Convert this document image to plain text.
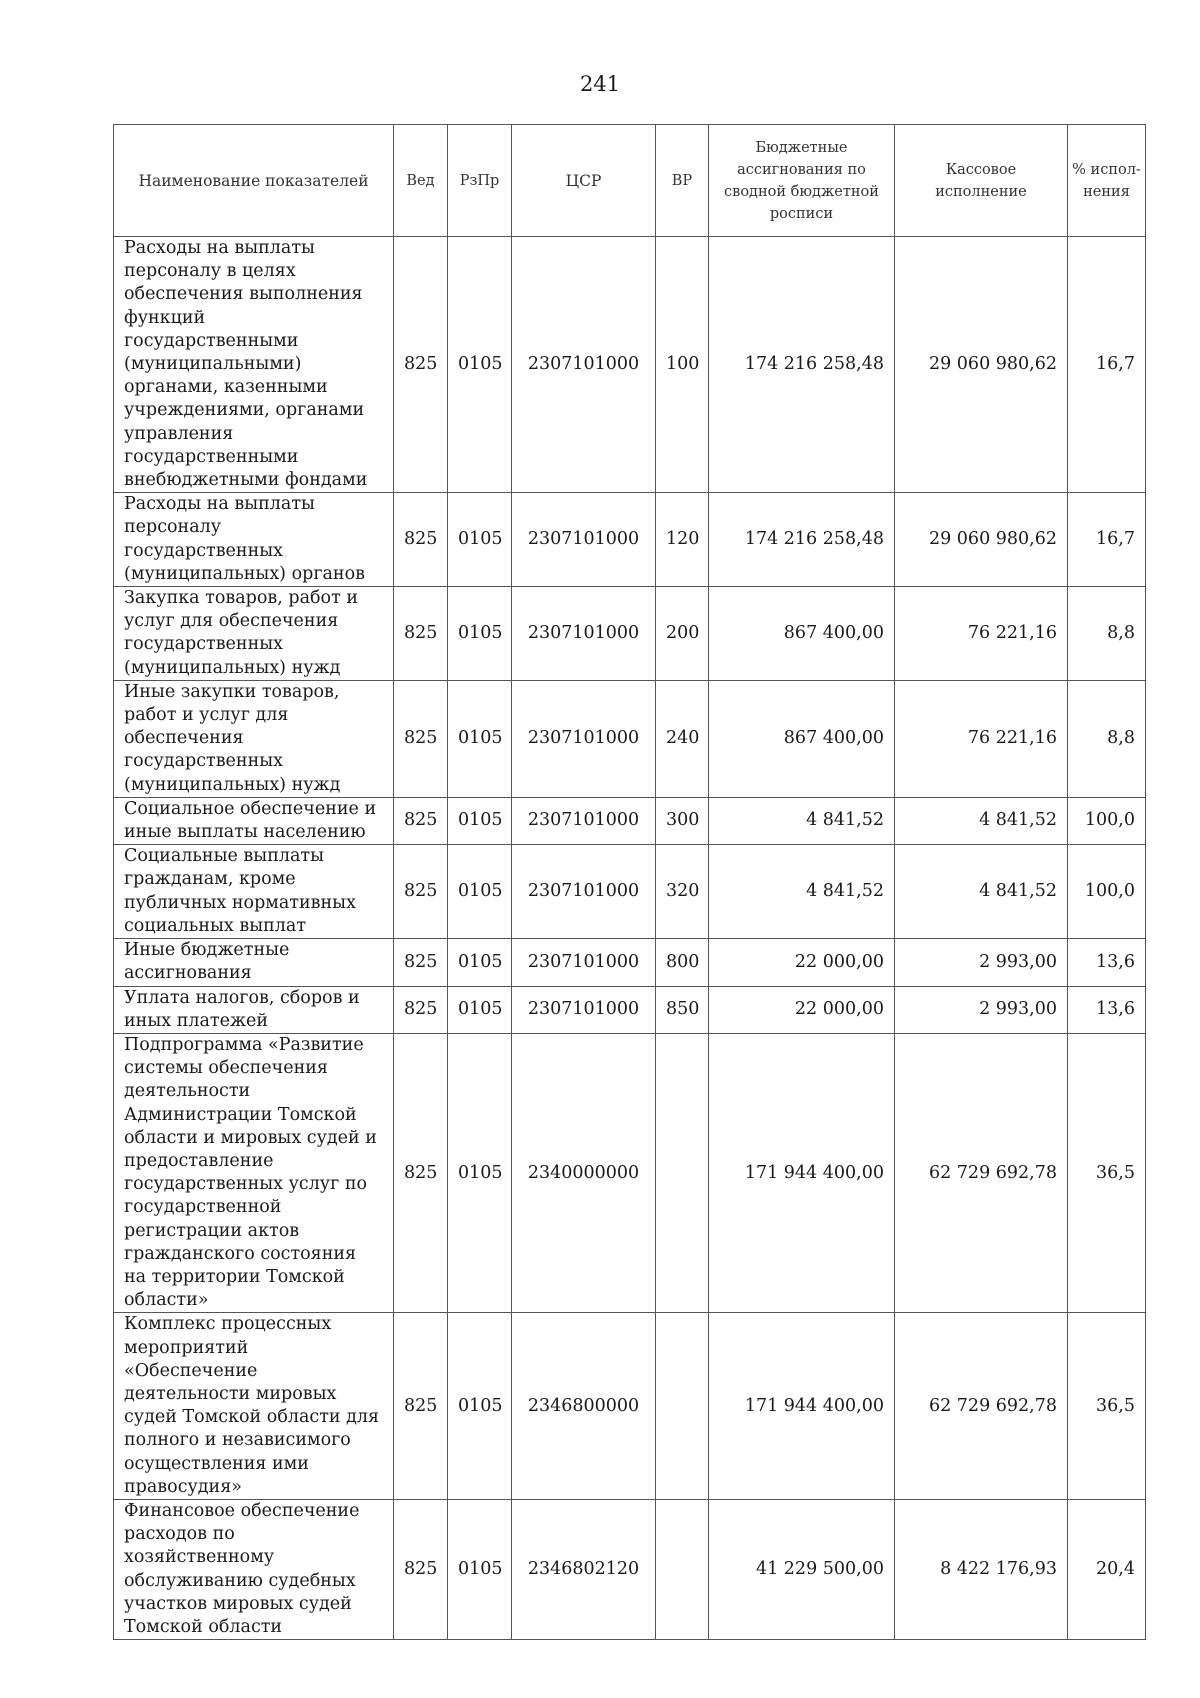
241
Наименование показателей	Вед	РзПр	ЦСР	ВР	Бюджетные ассигнования по сводной бюджетной росписи	Кассовое исполнение	% испол-нения
Расходы на выплаты персоналу в целях обеспечения выполнения функций государственными (муниципальными) органами, казенными учреждениями, органами управления государственными внебюджетными фондами	825	0105	2307101000	100	174 216 258,48	29 060 980,62	16,7
Расходы на выплаты персоналу государственных (муниципальных) органов	825	0105	2307101000	120	174 216 258,48	29 060 980,62	16,7
Закупка товаров, работ и услуг для обеспечения государственных (муниципальных) нужд	825	0105	2307101000	200	867 400,00	76 221,16	8,8
Иные закупки товаров, работ и услуг для обеспечения государственных (муниципальных) нужд	825	0105	2307101000	240	867 400,00	76 221,16	8,8
Социальное обеспечение и иные выплаты населению	825	0105	2307101000	300	4 841,52	4 841,52	100,0
Социальные выплаты гражданам, кроме публичных нормативных социальных выплат	825	0105	2307101000	320	4 841,52	4 841,52	100,0
Иные бюджетные ассигнования	825	0105	2307101000	800	22 000,00	2 993,00	13,6
Уплата налогов, сборов и иных платежей	825	0105	2307101000	850	22 000,00	2 993,00	13,6
Подпрограмма «Развитие системы обеспечения деятельности Администрации Томской области и мировых судей и предоставление государственных услуг по государственной регистрации актов гражданского состояния на территории Томской области»	825	0105	2340000000		171 944 400,00	62 729 692,78	36,5
Комплекс процессных мероприятий «Обеспечение деятельности мировых судей Томской области для полного и независимого осуществления ими правосудия»	825	0105	2346800000		171 944 400,00	62 729 692,78	36,5
Финансовое обеспечение расходов по хозяйственному обслуживанию судебных участков мировых судей Томской области	825	0105	2346802120		41 229 500,00	8 422 176,93	20,4
